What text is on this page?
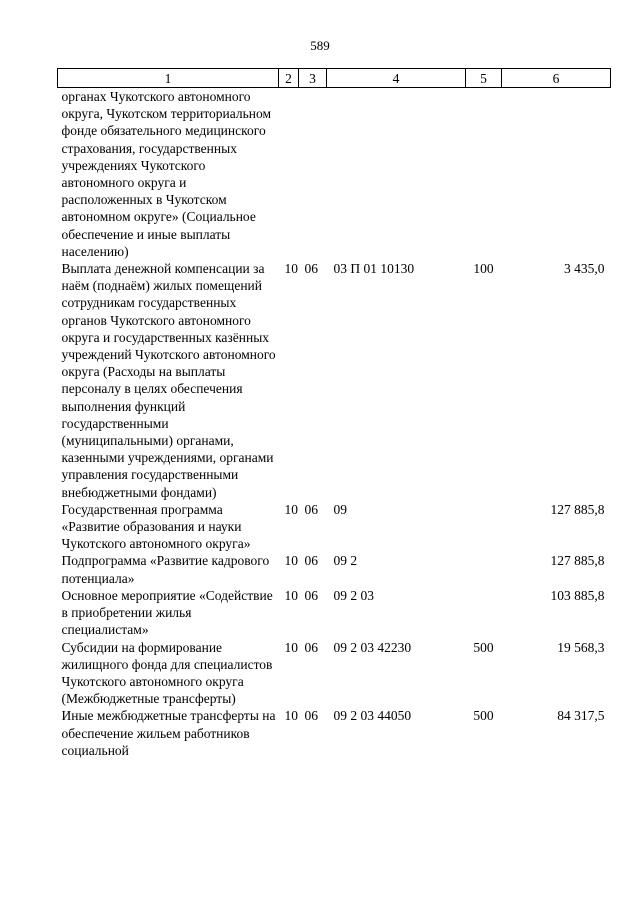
589
1	2	3	4	5	6
органах Чукотского автономного округа, Чукотском территориальном фонде обязательного медицинского страхования, государственных учреждениях Чукотского автономного округа и расположенных в Чукотском автономном округе» (Социальное обеспечение и иные выплаты населению)					
Выплата денежной компенсации за наём (поднаём) жилых помещений сотрудникам государственных органов Чукотского автономного округа и государственных казённых учреждений Чукотского автономного округа (Расходы на выплаты персоналу в целях обеспечения выполнения функций государственными (муниципальными) органами, казенными учреждениями, органами управления государственными внебюджетными фондами)	10	06	03 П 01 10130	100	3 435,0
Государственная программа «Развитие образования и науки Чукотского автономного округа»	10	06	09		127 885,8
Подпрограмма «Развитие кадрового потенциала»	10	06	09 2		127 885,8
Основное мероприятие «Содействие в приобретении жилья специалистам»	10	06	09 2 03		103 885,8
Субсидии на формирование жилищного фонда для специалистов Чукотского автономного округа (Межбюджетные трансферты)	10	06	09 2 03 42230	500	19 568,3
Иные межбюджетные трансферты на обеспечение жильем работников социальной	10	06	09 2 03 44050	500	84 317,5
